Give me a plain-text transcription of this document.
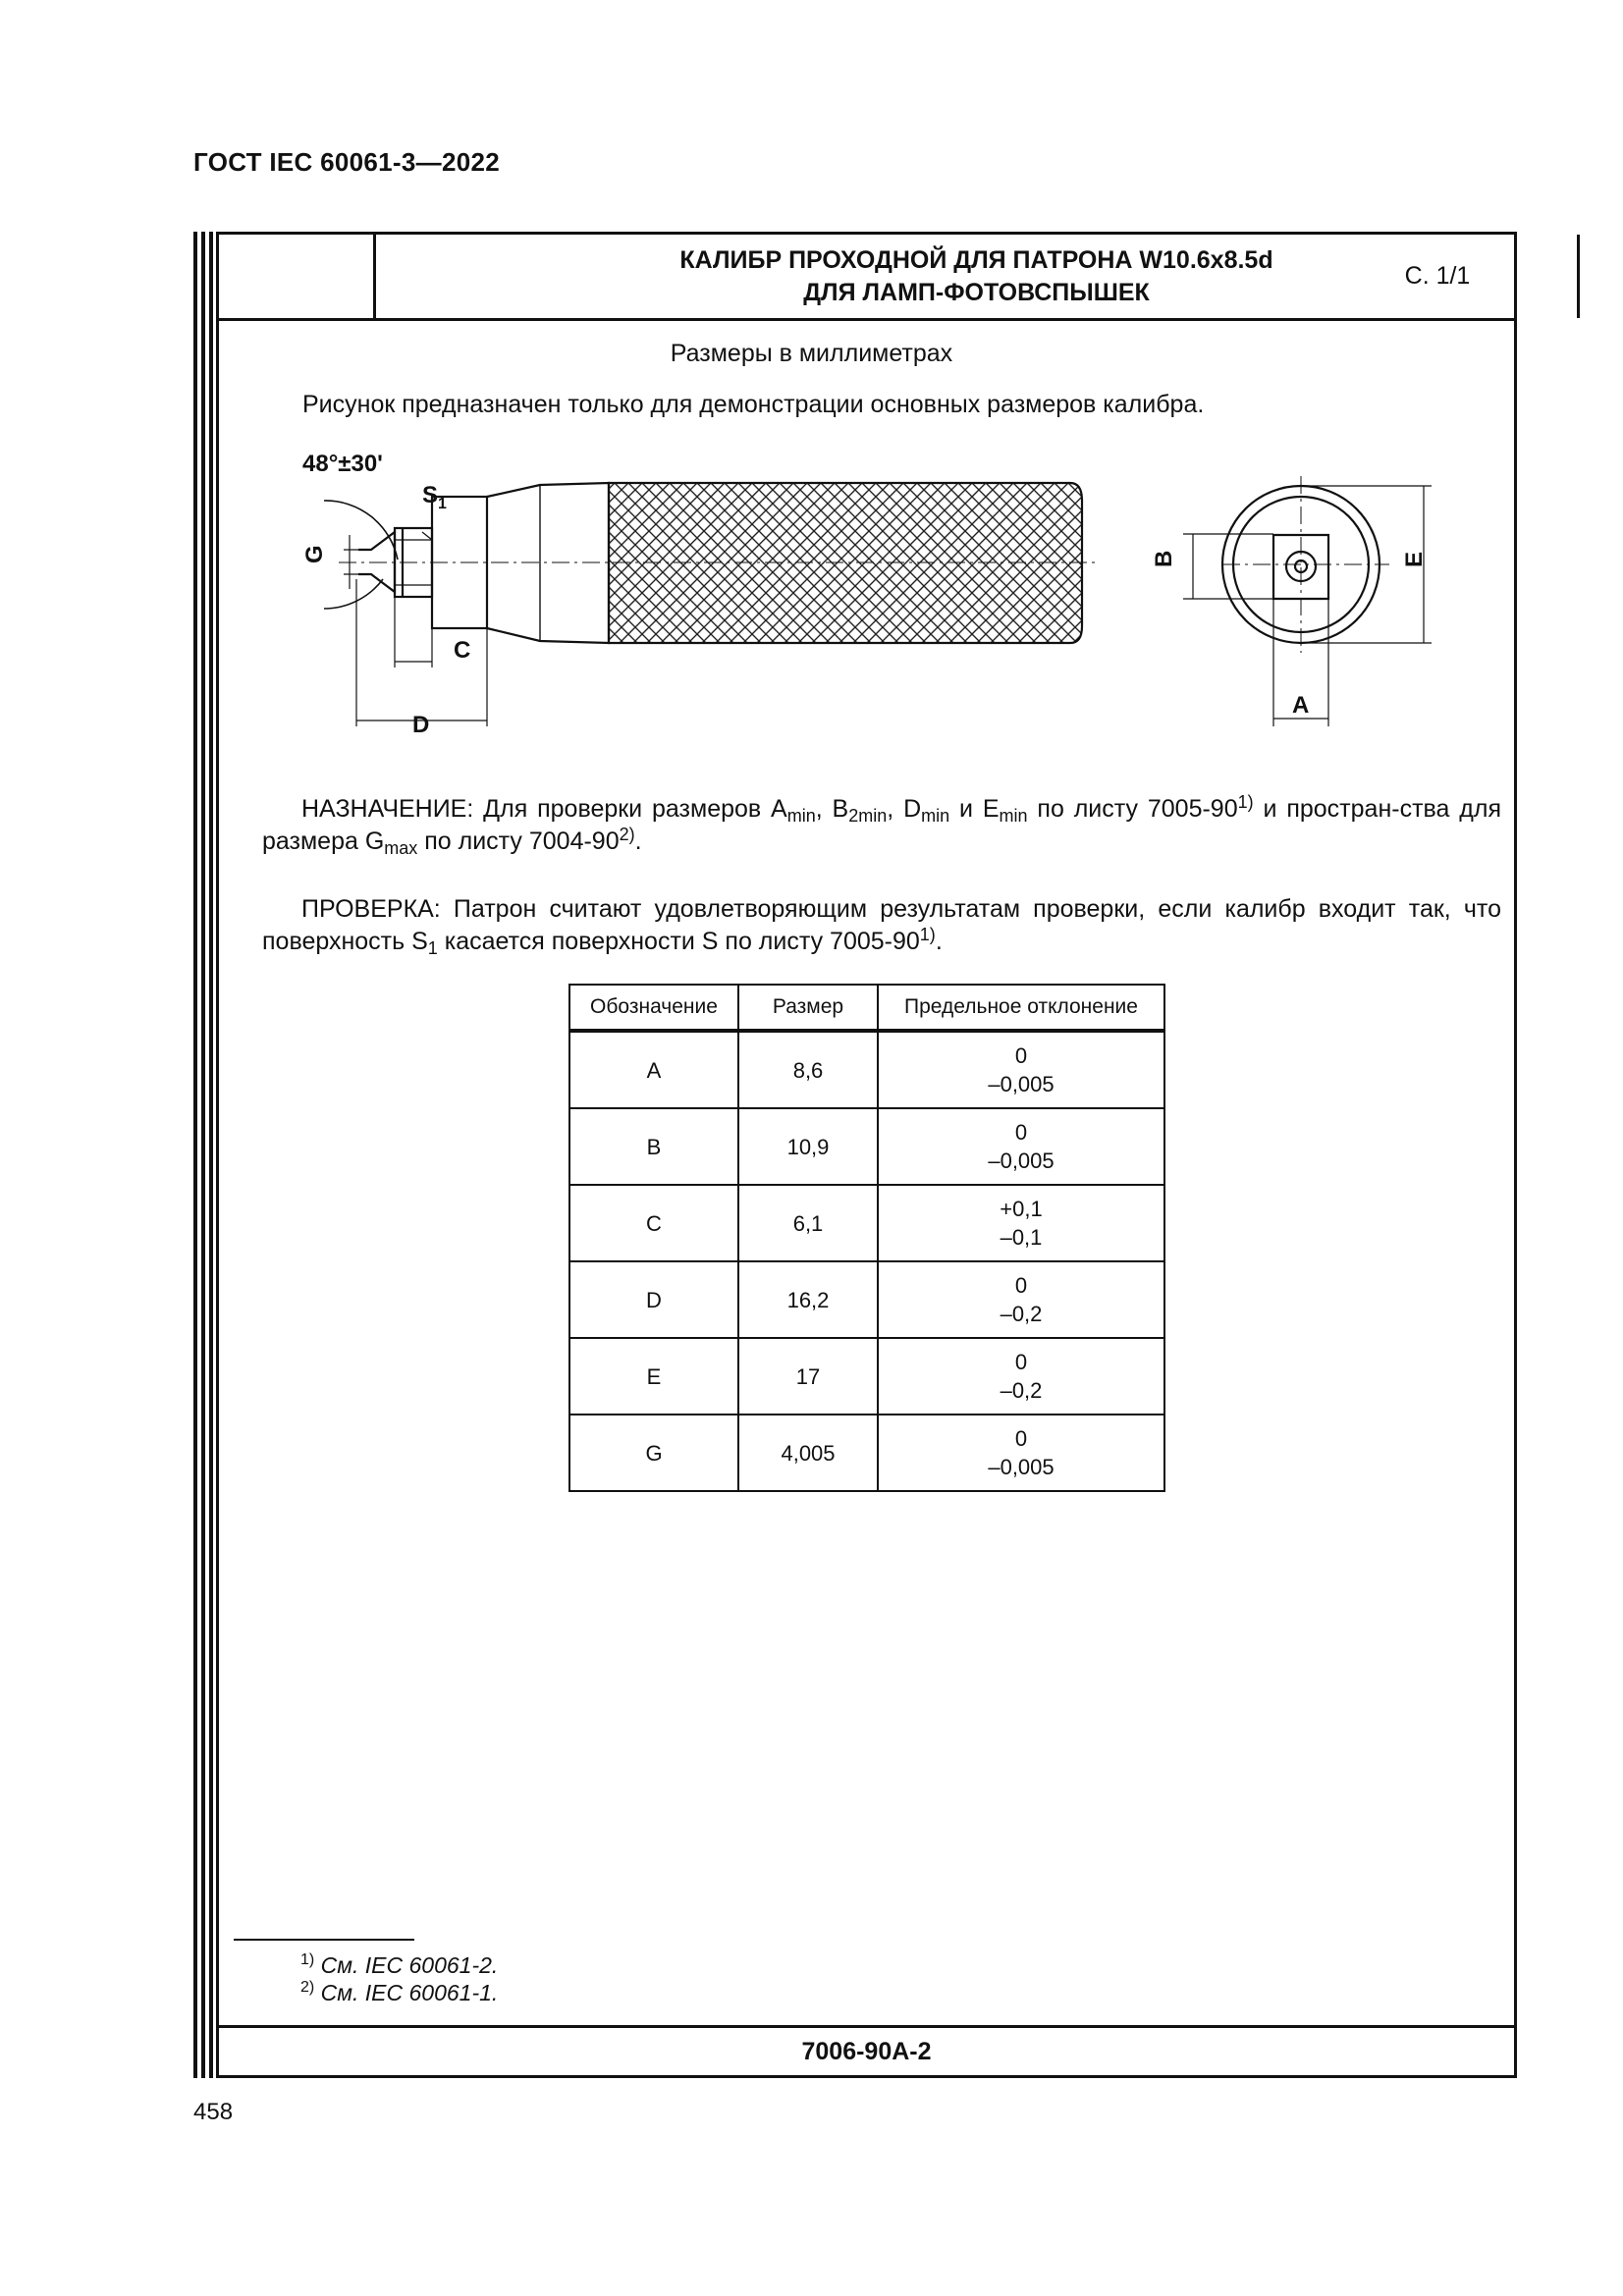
ГОСТ IEC 60061-3—2022
КАЛИБР ПРОХОДНОЙ ДЛЯ ПАТРОНА W10.6x8.5d
ДЛЯ ЛАМП-ФОТОВСПЫШЕК
С. 1/1
7006-90А-2
Размеры в миллиметрах
Рисунок предназначен только для демонстрации основных размеров калибра.
48°±30'
$S_1$
G
C
D
B	E
A
НАЗНАЧЕНИЕ: Для проверки размеров $A_{min}$, $B_{2min}$, $D_{min}$ и $E_{min}$ по листу 7005-90$^{1)}$ и простран-ства для размера $G_{max}$ по листу 7004-90$^{2)}$.
ПРОВЕРКА: Патрон считают удовлетворяющим результатам проверки, если калибр входит так, что поверхность $S_1$ касается поверхности S по листу 7005-90$^{1)}$.
Обозначение	Размер	Предельное отклонение
A	8,6	0
–0,005

B	10,9	0
–0,005

C	6,1	+0,1
–0,1

D	16,2	0
–0,2

E	17	0
–0,2

G	4,005	0
–0,005
$^{1)}$ См. IEC 60061-2.
$^{2)}$ См. IEC 60061-1.
458
